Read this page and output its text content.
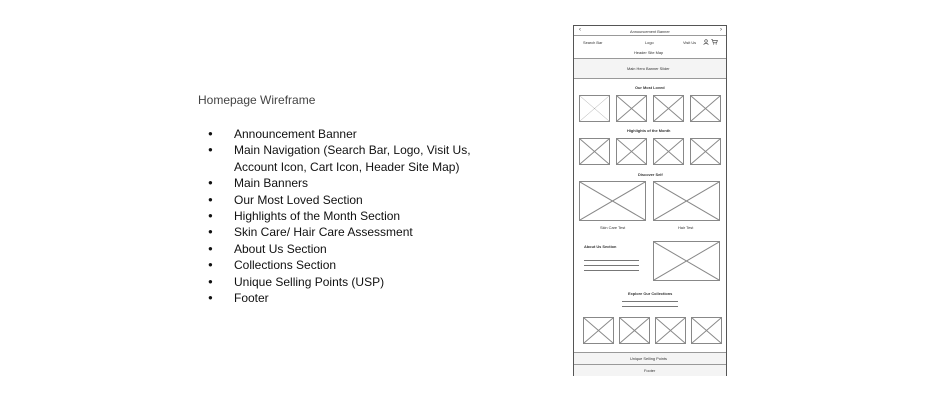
Homepage Wireframe
● Announcement Banner
● Main Navigation (Search Bar, Logo, Visit Us, Account Icon, Cart Icon, Header Site Map)
● Main Banners
● Our Most Loved Section
● Highlights of the Month Section
● Skin Care/ Hair Care Assessment
● About Us Section
● Collections Section
● Unique Selling Points (USP)
● Footer
‹	Announcement Banner	›
Search Bar	Logo	Visit Us
Header Site Map
Main Hero Banner Slider
Our Most Loved
Highlights of the Month
Discover Self
Skin Care Test	Hair Test
About Us Section
Explore Our Collections
Unique Selling Points
Footer
